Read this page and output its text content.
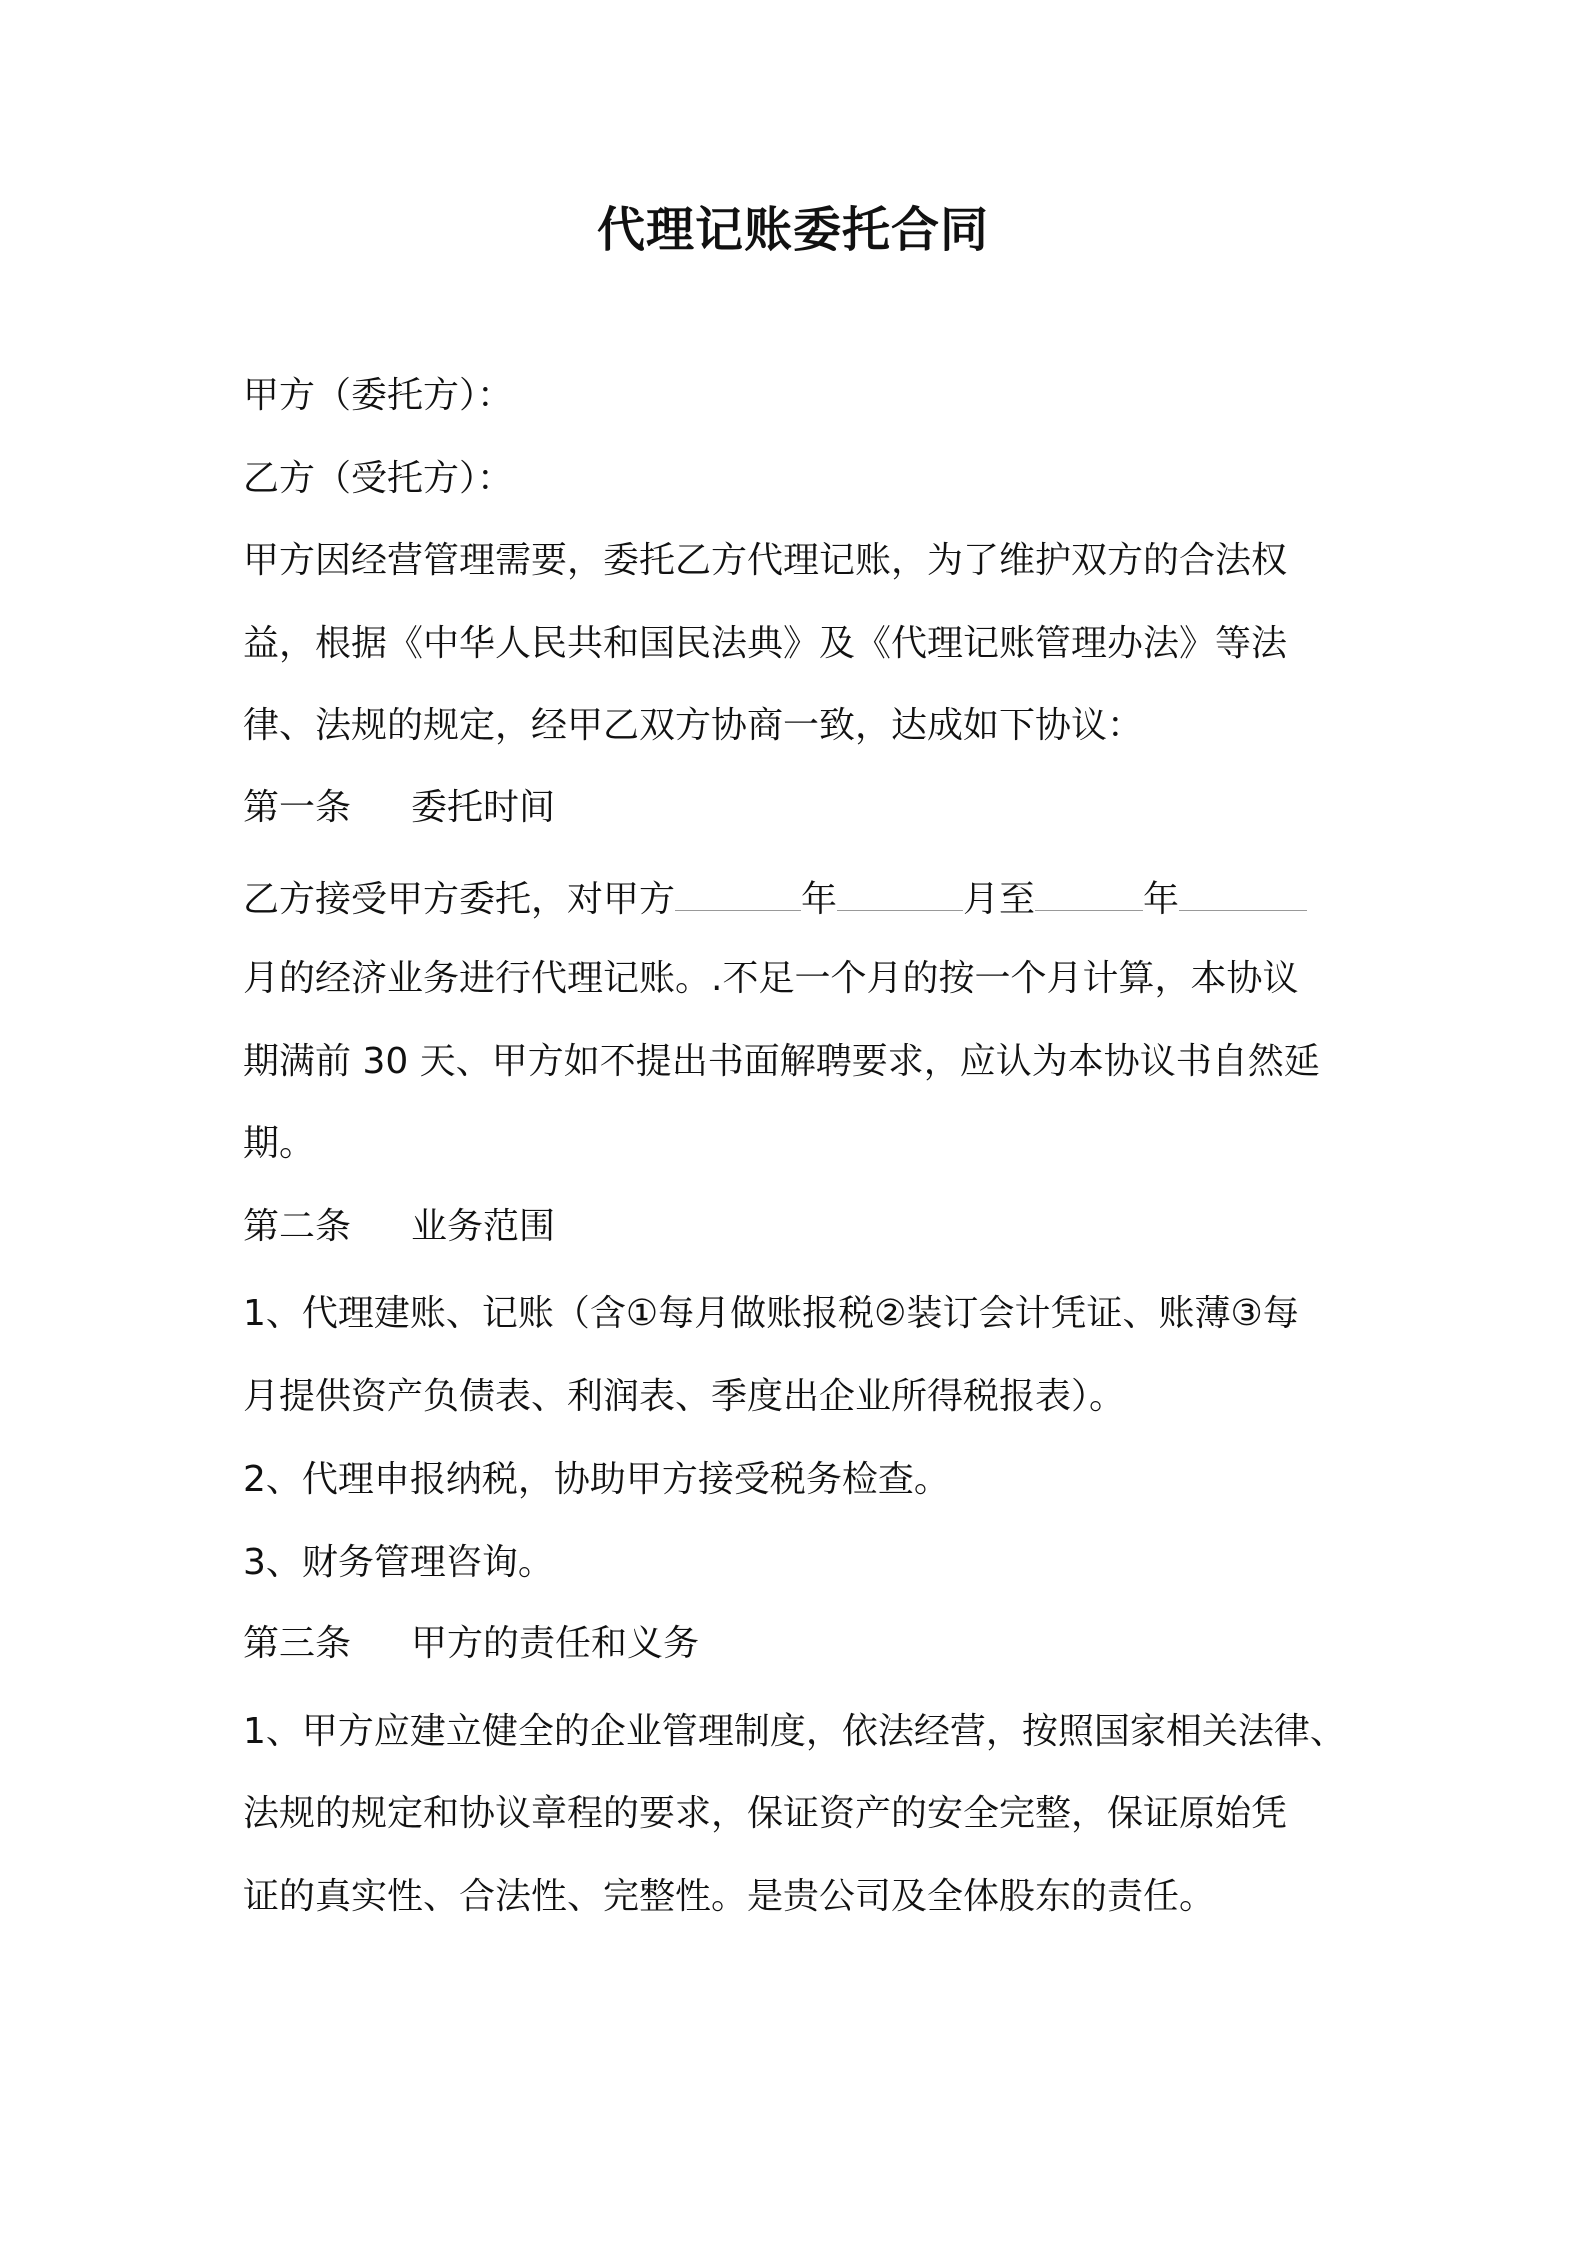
代理记账委托合同
甲方（委托方）：
乙方（受托方）：
甲方因经营管理需要，委托乙方代理记账，为了维护双方的合法权
益，根据《中华人民共和国民法典》及《代理记账管理办法》等法
律、法规的规定，经甲乙双方协商一致，达成如下协议：
第一条 委托时间
乙方接受甲方委托，对甲方	年	月至	年
月的经济业务进行代理记账。.不足一个月的按一个月计算，本协议
期满前 30 天、甲方如不提出书面解聘要求，应认为本协议书自然延
期。
第二条 业务范围
1、代理建账、记账（含①每月做账报税②装订会计凭证、账薄③每
月提供资产负债表、利润表、季度出企业所得税报表）。
2、代理申报纳税，协助甲方接受税务检查。
3、财务管理咨询。
第三条 甲方的责任和义务
1、甲方应建立健全的企业管理制度，依法经营，按照国家相关法律、
法规的规定和协议章程的要求，保证资产的安全完整，保证原始凭
证的真实性、合法性、完整性。是贵公司及全体股东的责任。
